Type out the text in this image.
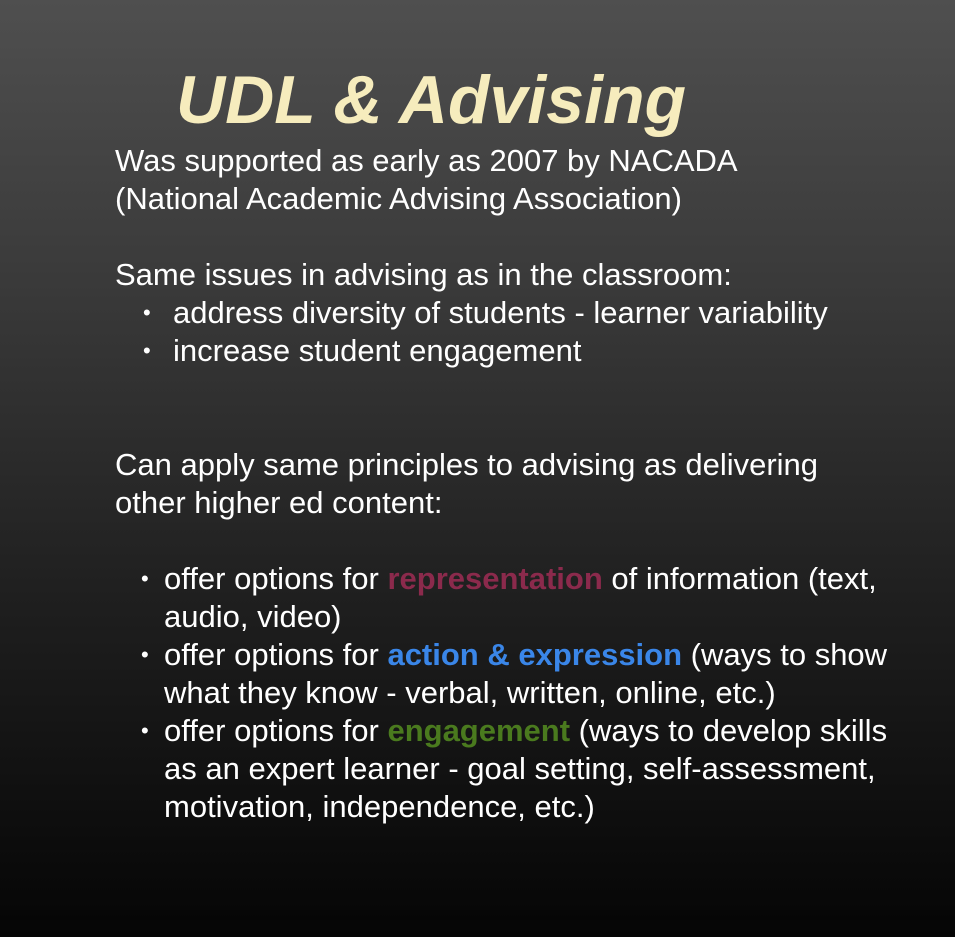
UDL & Advising

Was supported as early as 2007 by NACADA

(National Academic Advising Association)

Same issues in advising as in the classroom:

• address diversity of students - learner variability
• increase student engagement

Can apply same principles to advising as delivering other higher ed content:

• offer options for representation of information (text, audio, video)
• offer options for action & expression (ways to show what they know - verbal, written, online, etc.)
• offer options for engagement (ways to develop skills as an expert learner - goal setting, self-assessment, motivation, independence, etc.)
